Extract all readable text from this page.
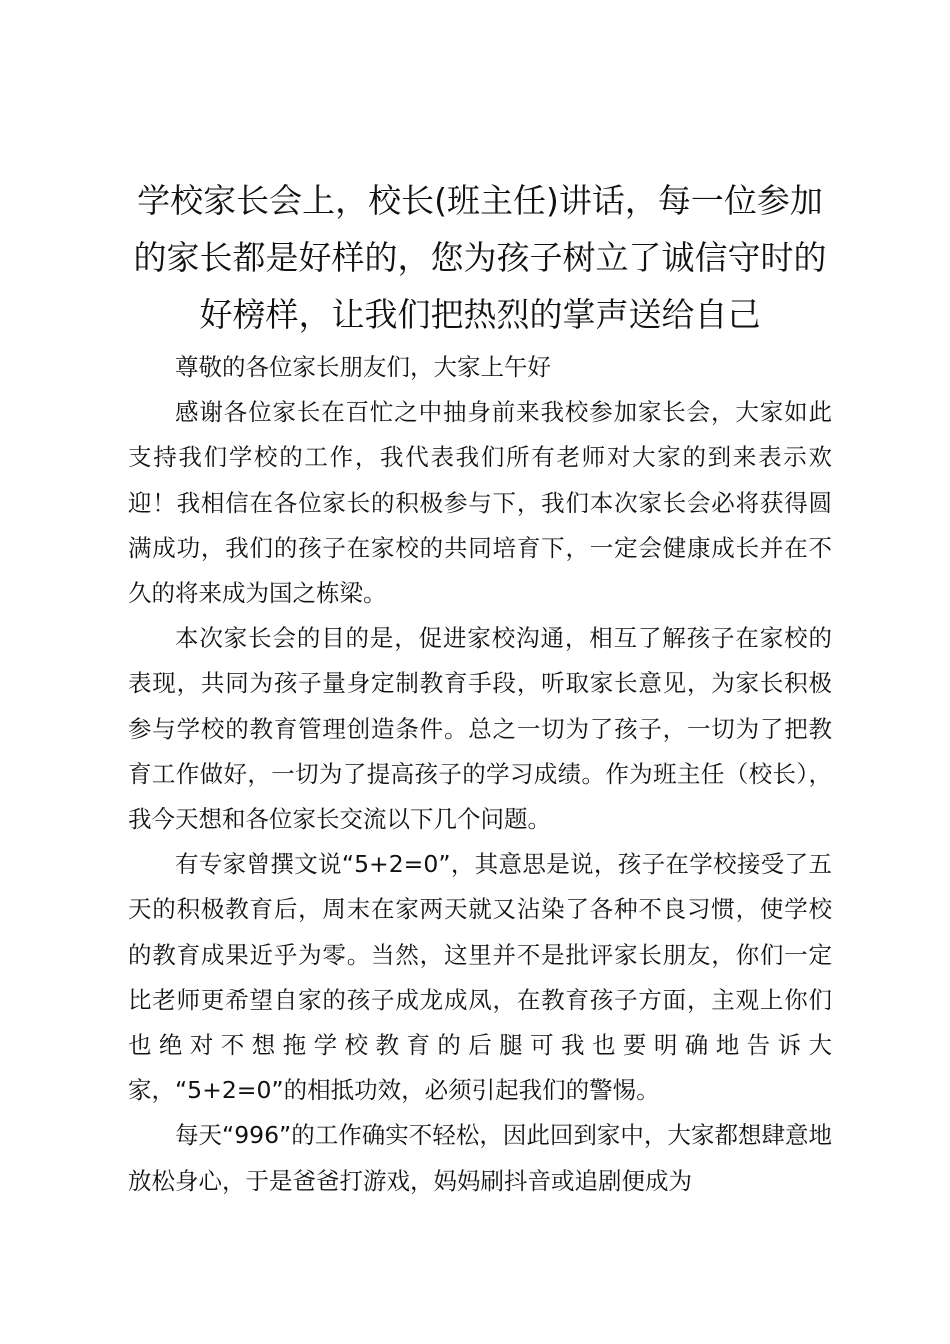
学校家长会上，校长(班主任)讲话，每一位参加的家长都是好样的，您为孩子树立了诚信守时的好榜样，让我们把热烈的掌声送给自己

尊敬的各位家长朋友们，大家上午好

感谢各位家长在百忙之中抽身前来我校参加家长会，大家如此支持我们学校的工作，我代表我们所有老师对大家的到来表示欢迎！我相信在各位家长的积极参与下，我们本次家长会必将获得圆满成功，我们的孩子在家校的共同培育下，一定会健康成长并在不久的将来成为国之栋梁。

本次家长会的目的是，促进家校沟通，相互了解孩子在家校的表现，共同为孩子量身定制教育手段，听取家长意见，为家长积极参与学校的教育管理创造条件。总之一切为了孩子，一切为了把教育工作做好，一切为了提高孩子的学习成绩。作为班主任（校长），我今天想和各位家长交流以下几个问题。

有专家曾撰文说“5+2=0”，其意思是说，孩子在学校接受了五天的积极教育后，周末在家两天就又沾染了各种不良习惯，使学校的教育成果近乎为零。当然，这里并不是批评家长朋友，你们一定比老师更希望自家的孩子成龙成凤，在教育孩子方面，主观上你们也绝对不想拖学校教育的后腿可我也要明确地告诉大家，“5+2=0”的相抵功效，必须引起我们的警惕。

每天“996”的工作确实不轻松，因此回到家中，大家都想肆意地放松身心，于是爸爸打游戏，妈妈刷抖音或追剧便成为
